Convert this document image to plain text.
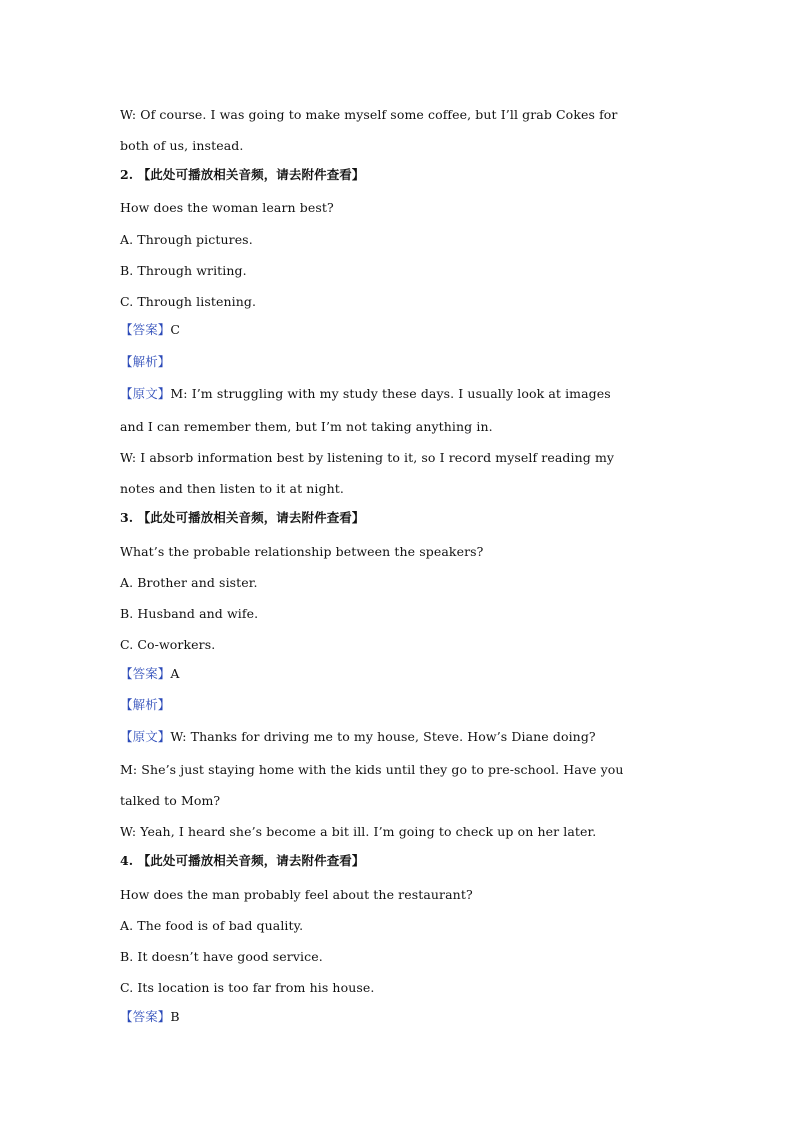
W: Of course. I was going to make myself some coffee, but I’ll grab Cokes for
both of us, instead.
2. 【此处可播放相关音频，请去附件查看】
How does the woman learn best?
A. Through pictures.
B. Through writing.
C. Through listening.
【答案】C
【解析】
【原文】M: I’m struggling with my study these days. I usually look at images
and I can remember them, but I’m not taking anything in.
W: I absorb information best by listening to it, so I record myself reading my
notes and then listen to it at night.
3. 【此处可播放相关音频，请去附件查看】
What’s the probable relationship between the speakers?
A. Brother and sister.
B. Husband and wife.
C. Co-workers.
【答案】A
【解析】
【原文】W: Thanks for driving me to my house, Steve. How’s Diane doing?
M: She’s just staying home with the kids until they go to pre-school. Have you
talked to Mom?
W: Yeah, I heard she’s become a bit ill. I’m going to check up on her later.
4. 【此处可播放相关音频，请去附件查看】
How does the man probably feel about the restaurant?
A. The food is of bad quality.
B. It doesn’t have good service.
C. Its location is too far from his house.
【答案】B
